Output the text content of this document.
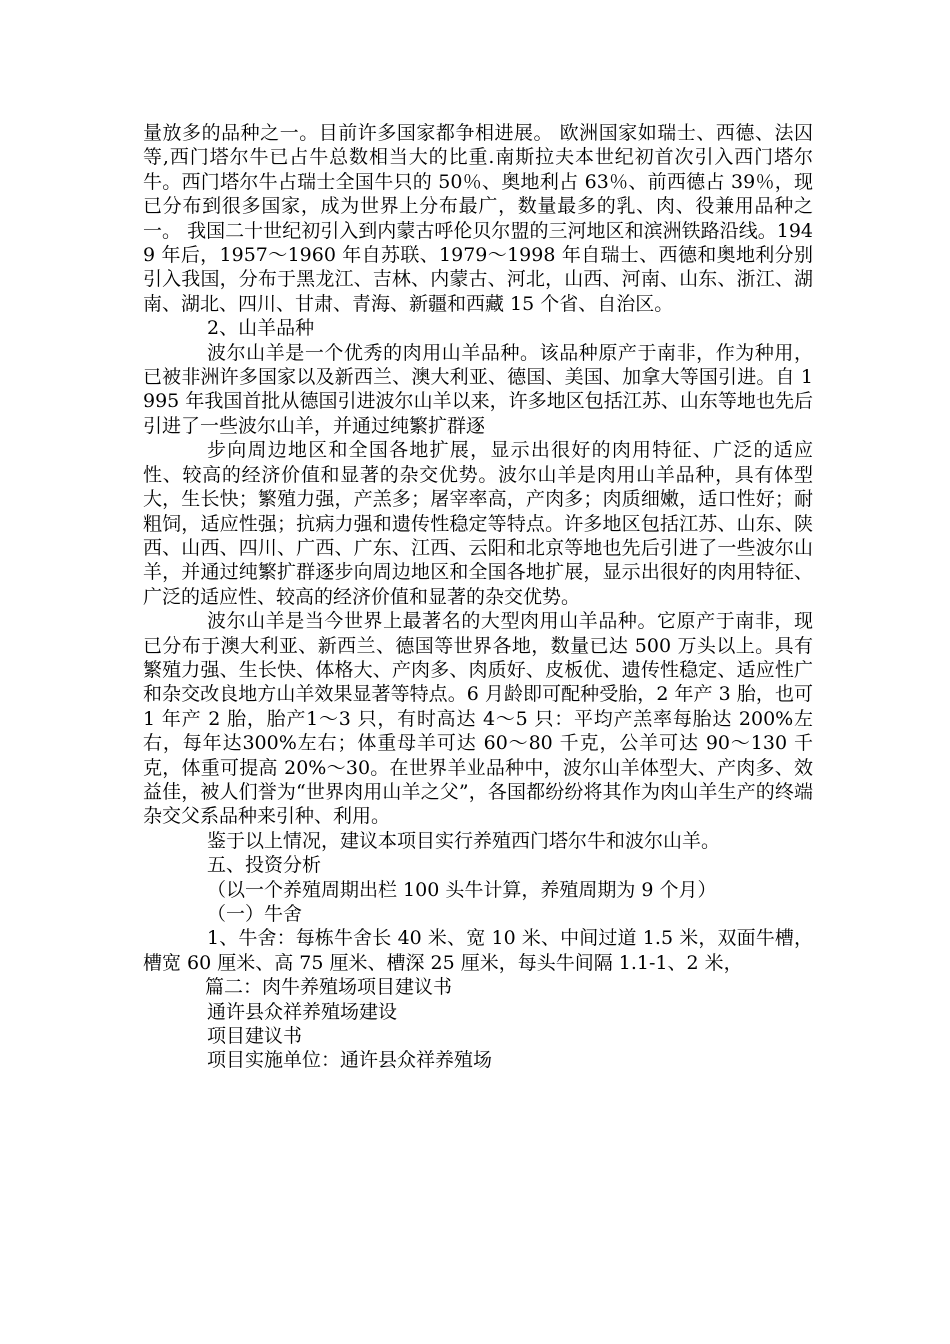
量放多的品种之一。目前许多国家都争相进展。 欧洲国家如瑞士、西德、法囚等,西门塔尔牛已占牛总数相当大的比重.南斯拉夫本世纪初首次引入西门塔尔牛。西门塔尔牛占瑞士全国牛只的 50％、奥地利占 63％、前西德占 39％，现已分布到很多国家，成为世界上分布最广，数量最多的乳、肉、役兼用品种之一。 我国二十世纪初引入到内蒙古呼伦贝尔盟的三河地区和滨洲铁路沿线。1949 年后，1957～1960 年自苏联、1979～1998 年自瑞士、西德和奥地利分别引入我国，分布于黑龙江、吉林、内蒙古、河北，山西、河南、山东、浙江、湖南、湖北、四川、甘肃、青海、新疆和西藏 15 个省、自治区。

2、山羊品种

波尔山羊是一个优秀的肉用山羊品种。该品种原产于南非，作为种用，已被非洲许多国家以及新西兰、澳大利亚、德国、美国、加拿大等国引进。自 1995 年我国首批从德国引进波尔山羊以来，许多地区包括江苏、山东等地也先后引进了一些波尔山羊，并通过纯繁扩群逐

步向周边地区和全国各地扩展，显示出很好的肉用特征、广泛的适应性、较高的经济价值和显著的杂交优势。波尔山羊是肉用山羊品种，具有体型大，生长快；繁殖力强，产羔多；屠宰率高，产肉多；肉质细嫩，适口性好；耐粗饲，适应性强；抗病力强和遗传性稳定等特点。许多地区包括江苏、山东、陕西、山西、四川、广西、广东、江西、云阳和北京等地也先后引进了一些波尔山羊，并通过纯繁扩群逐步向周边地区和全国各地扩展，显示出很好的肉用特征、广泛的适应性、较高的经济价值和显著的杂交优势。

波尔山羊是当今世界上最著名的大型肉用山羊品种。它原产于南非，现已分布于澳大利亚、新西兰、德国等世界各地，数量已达 500 万头以上。具有繁殖力强、生长快、体格大、产肉多、肉质好、皮板优、遗传性稳定、适应性广和杂交改良地方山羊效果显著等特点。6 月龄即可配种受胎，2 年产 3 胎，也可 1 年产 2 胎，胎产1～3 只，有时高达 4～5 只：平均产羔率每胎达 200%左右，每年达300%左右；体重母羊可达 60～80 千克，公羊可达 90～130 千克，体重可提高 20%～30。在世界羊业品种中，波尔山羊体型大、产肉多、效益佳，被人们誉为“世界肉用山羊之父”，各国都纷纷将其作为肉山羊生产的终端杂交父系品种来引种、利用。

鉴于以上情况，建议本项目实行养殖西门塔尔牛和波尔山羊。

五、投资分析

（以一个养殖周期出栏 100 头牛计算，养殖周期为 9 个月）

（一）牛舍

1、牛舍：每栋牛舍长 40 米、宽 10 米、中间过道 1.5 米，双面牛槽，槽宽 60 厘米、高 75 厘米、槽深 25 厘米，每头牛间隔 1.1-1、2 米，

篇二：肉牛养殖场项目建议书

通许县众祥养殖场建设

项目建议书

项目实施单位：通许县众祥养殖场
